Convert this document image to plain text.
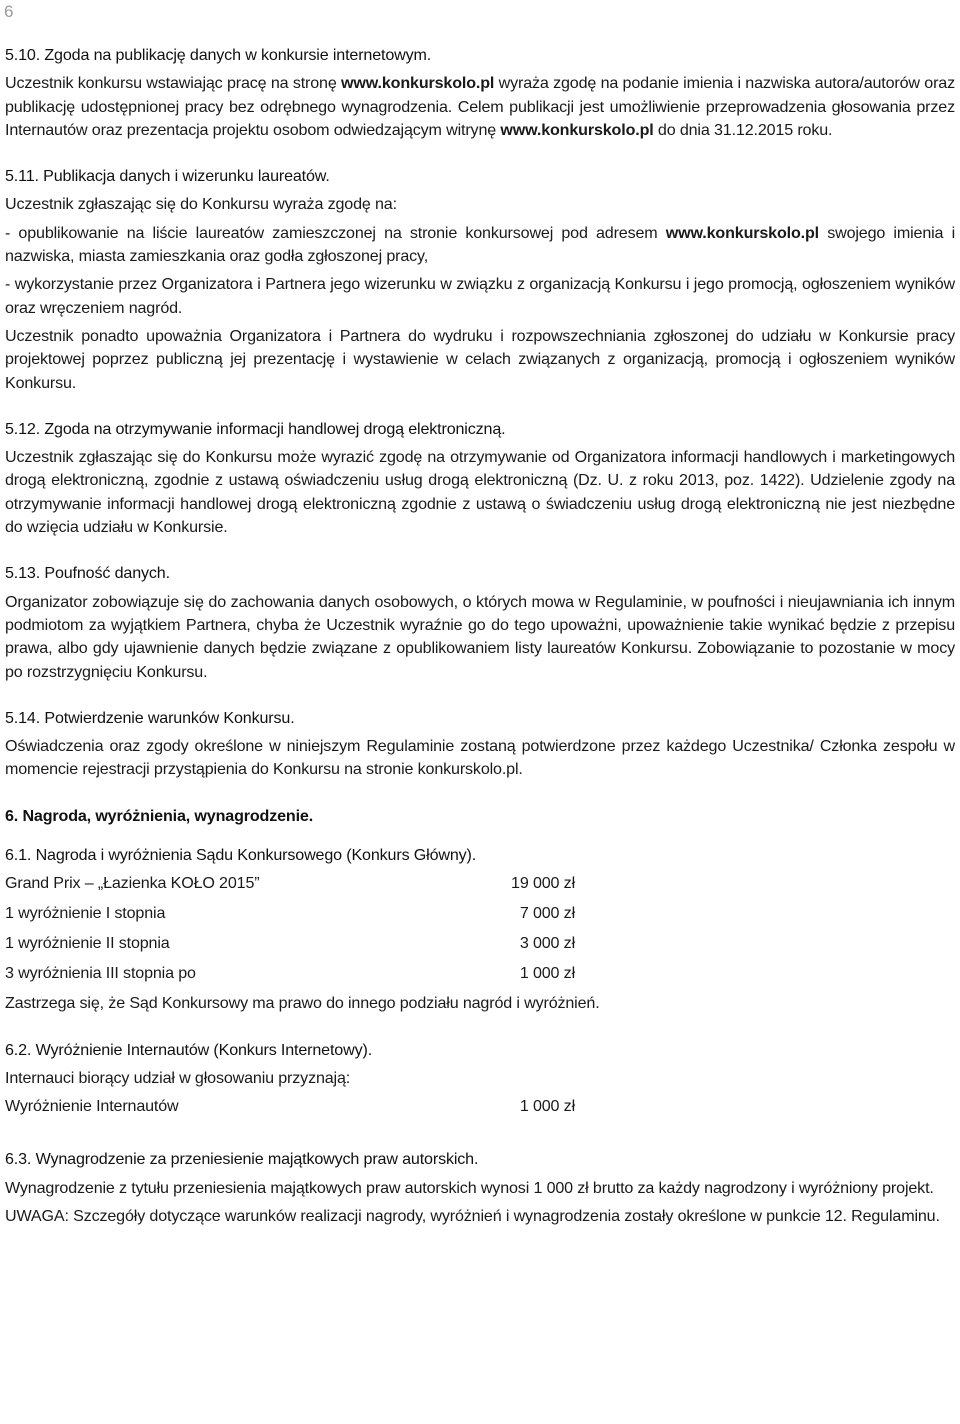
6

5.10. Zgoda na publikację danych w konkursie internetowym.

Uczestnik konkursu wstawiając pracę na stronę www.konkurskolo.pl wyraża zgodę na podanie imienia i nazwiska autora/autorów oraz publikację udostępnionej pracy bez odrębnego wynagrodzenia. Celem publikacji jest umożliwienie przeprowadzenia głosowania przez Internautów oraz prezentacja projektu osobom odwiedzającym witrynę www.konkurskolo.pl do dnia 31.12.2015 roku.

5.11. Publikacja danych i wizerunku laureatów.

Uczestnik zgłaszając się do Konkursu wyraża zgodę na:

- opublikowanie na liście laureatów zamieszczonej na stronie konkursowej pod adresem www.konkurskolo.pl swojego imienia i nazwiska, miasta zamieszkania oraz godła zgłoszonej pracy,

- wykorzystanie przez Organizatora i Partnera jego wizerunku w związku z organizacją Konkursu i jego promocją, ogłoszeniem wyników oraz wręczeniem nagród.

Uczestnik ponadto upoważnia Organizatora i Partnera do wydruku i rozpowszechniania zgłoszonej do udziału w Konkursie pracy projektowej poprzez publiczną jej prezentację i wystawienie w celach związanych z organizacją, promocją i ogłoszeniem wyników Konkursu.

5.12. Zgoda na otrzymywanie informacji handlowej drogą elektroniczną.

Uczestnik zgłaszając się do Konkursu może wyrazić zgodę na otrzymywanie od Organizatora informacji handlowych i marketingowych drogą elektroniczną, zgodnie z ustawą oświadczeniu usług drogą elektroniczną (Dz. U. z roku 2013, poz. 1422). Udzielenie zgody na otrzymywanie informacji handlowej drogą elektroniczną zgodnie z ustawą o świadczeniu usług drogą elektroniczną nie jest niezbędne do wzięcia udziału w Konkursie.

5.13. Poufność danych.

Organizator zobowiązuje się do zachowania danych osobowych, o których mowa w Regulaminie, w poufności i nieujawniania ich innym podmiotom za wyjątkiem Partnera, chyba że Uczestnik wyraźnie go do tego upoważni, upoważnienie takie wynikać będzie z przepisu prawa, albo gdy ujawnienie danych będzie związane z opublikowaniem listy laureatów Konkursu. Zobowiązanie to pozostanie w mocy po rozstrzygnięciu Konkursu.

5.14. Potwierdzenie warunków Konkursu.

Oświadczenia oraz zgody określone w niniejszym Regulaminie zostaną potwierdzone przez każdego Uczestnika/ Członka zespołu w momencie rejestracji przystąpienia do Konkursu na stronie konkurskolo.pl.

6. Nagroda, wyróżnienia, wynagrodzenie.

6.1. Nagroda i wyróżnienia Sądu Konkursowego (Konkurs Główny).

Grand Prix – „Łazienka KOŁO 2015”	19 000 zł
1 wyróżnienie I stopnia	7 000 zł
1 wyróżnienie II stopnia	3 000 zł
3 wyróżnienia III stopnia po	1 000 zł

Zastrzega się, że Sąd Konkursowy ma prawo do innego podziału nagród i wyróżnień.

6.2. Wyróżnienie Internautów (Konkurs Internetowy).

Internauci biorący udział w głosowaniu przyznają:

Wyróżnienie Internautów	1 000 zł

6.3. Wynagrodzenie za przeniesienie majątkowych praw autorskich.

Wynagrodzenie z tytułu przeniesienia majątkowych praw autorskich wynosi 1 000 zł brutto za każdy nagrodzony i wyróżniony projekt.

UWAGA: Szczegóły dotyczące warunków realizacji nagrody, wyróżnień i wynagrodzenia zostały określone w punkcie 12. Regulaminu.
